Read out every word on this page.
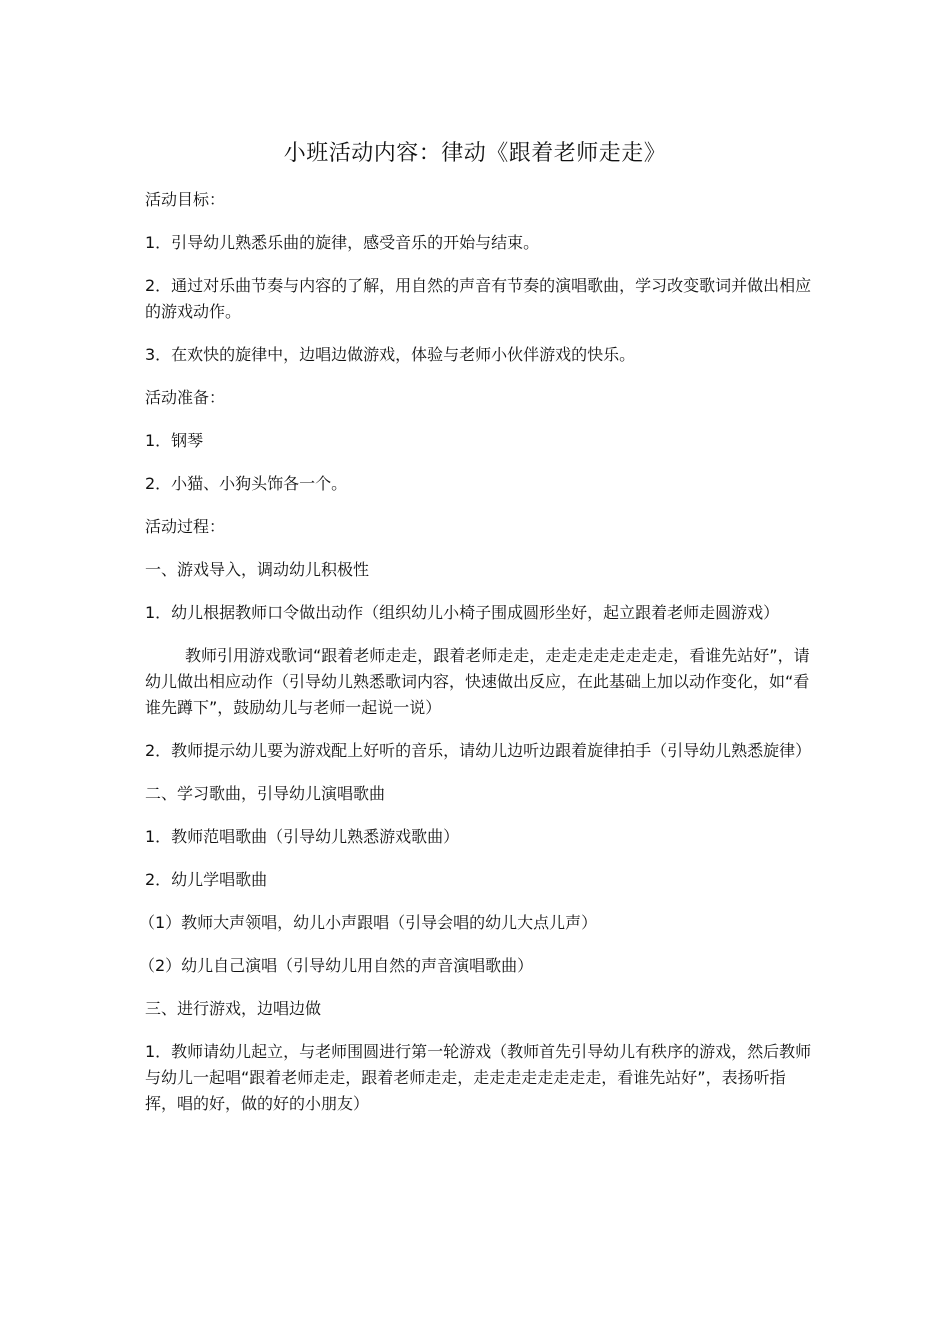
小班活动内容：律动《跟着老师走走》

活动目标：

1．引导幼儿熟悉乐曲的旋律，感受音乐的开始与结束。

2．通过对乐曲节奏与内容的了解，用自然的声音有节奏的演唱歌曲，学习改变歌词并做出相应的游戏动作。

3．在欢快的旋律中，边唱边做游戏，体验与老师小伙伴游戏的快乐。

活动准备：

1．钢琴

2．小猫、小狗头饰各一个。

活动过程：

一、游戏导入，调动幼儿积极性

1．幼儿根据教师口令做出动作（组织幼儿小椅子围成圆形坐好，起立跟着老师走圆游戏）

教师引用游戏歌词“跟着老师走走，跟着老师走走，走走走走走走走走，看谁先站好”，请幼儿做出相应动作（引导幼儿熟悉歌词内容，快速做出反应，在此基础上加以动作变化，如“看谁先蹲下”，鼓励幼儿与老师一起说一说）

2．教师提示幼儿要为游戏配上好听的音乐，请幼儿边听边跟着旋律拍手（引导幼儿熟悉旋律）

二、学习歌曲，引导幼儿演唱歌曲

1．教师范唱歌曲（引导幼儿熟悉游戏歌曲）

2．幼儿学唱歌曲

（1）教师大声领唱，幼儿小声跟唱（引导会唱的幼儿大点儿声）

（2）幼儿自己演唱（引导幼儿用自然的声音演唱歌曲）

三、进行游戏，边唱边做

1．教师请幼儿起立，与老师围圆进行第一轮游戏（教师首先引导幼儿有秩序的游戏，然后教师与幼儿一起唱“跟着老师走走，跟着老师走走，走走走走走走走走，看谁先站好”，表扬听指挥，唱的好，做的好的小朋友）
